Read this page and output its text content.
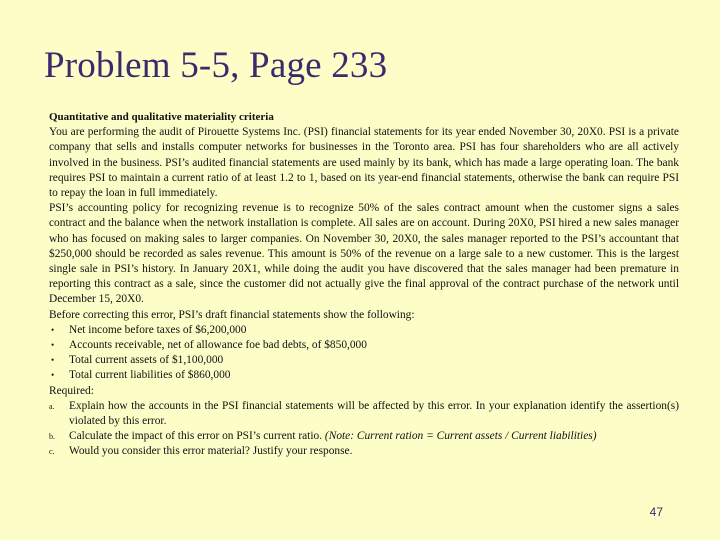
Problem 5-5, Page 233
Quantitative and qualitative materiality criteria

You are performing the audit of Pirouette Systems Inc. (PSI) financial statements for its year ended November 30, 20X0. PSI is a private company that sells and installs computer networks for businesses in the Toronto area. PSI has four shareholders who are all actively involved in the business. PSI’s audited financial statements are used mainly by its bank, which has made a large operating loan. The bank requires PSI to maintain a current ratio of at least 1.2 to 1, based on its year-end financial statements, otherwise the bank can require PSI to repay the loan in full immediately.

PSI’s accounting policy for recognizing revenue is to recognize 50% of the sales contract amount when the customer signs a sales contract and the balance when the network installation is complete. All sales are on account. During 20X0, PSI hired a new sales manager who has focused on making sales to larger companies. On November 30, 20X0, the sales manager reported to the PSI’s accountant that $250,000 should be recorded as sales revenue. This amount is 50% of the revenue on a large sale to a new customer. This is the largest single sale in PSI’s history. In January 20X1, while doing the audit you have discovered that the sales manager had been premature in reporting this contract as a sale, since the customer did not actually give the final approval of the contract purchase of the network until December 15, 20X0.

Before correcting this error, PSI’s draft financial statements show the following:

• Net income before taxes of $6,200,000
• Accounts receivable, net of allowance foe bad debts, of $850,000
• Total current assets of $1,100,000
• Total current liabilities of $860,000
Required:
a. Explain how the accounts in the PSI financial statements will be affected by this error. In your explanation identify the assertion(s) violated by this error.
b. Calculate the impact of this error on PSI’s current ratio. (Note: Current ration = Current assets / Current liabilities)
c. Would you consider this error material? Justify your response.
47
